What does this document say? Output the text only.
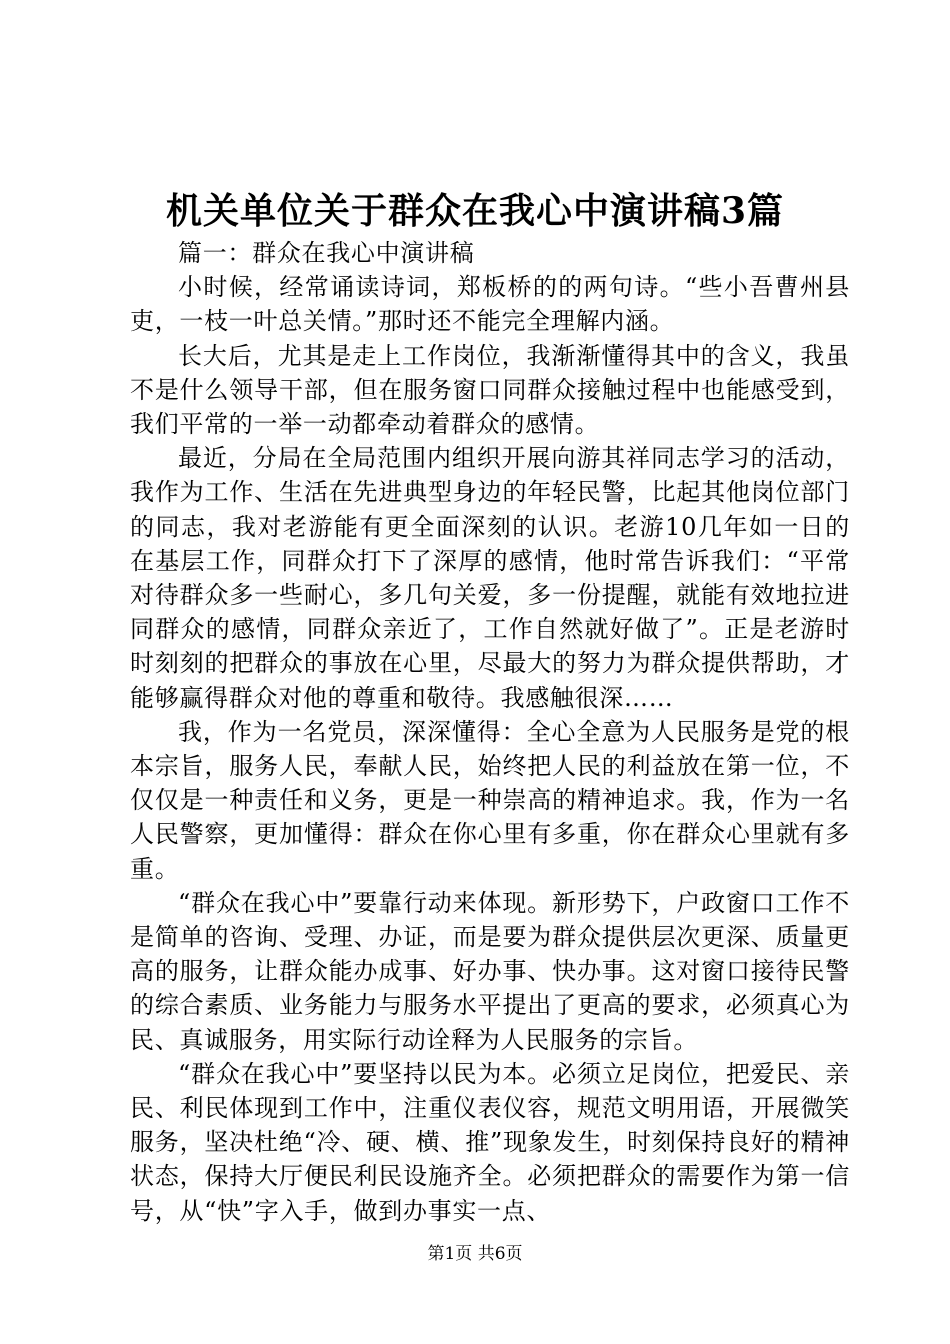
机关单位关于群众在我心中演讲稿3篇

篇一：群众在我心中演讲稿

小时候，经常诵读诗词，郑板桥的的两句诗。“些小吾曹州县吏，一枝一叶总关情。”那时还不能完全理解内涵。

长大后，尤其是走上工作岗位，我渐渐懂得其中的含义，我虽不是什么领导干部，但在服务窗口同群众接触过程中也能感受到，我们平常的一举一动都牵动着群众的感情。

最近，分局在全局范围内组织开展向游其祥同志学习的活动，我作为工作、生活在先进典型身边的年轻民警，比起其他岗位部门的同志，我对老游能有更全面深刻的认识。老游10几年如一日的在基层工作，同群众打下了深厚的感情，他时常告诉我们：“平常对待群众多一些耐心，多几句关爱，多一份提醒，就能有效地拉进同群众的感情，同群众亲近了，工作自然就好做了”。正是老游时时刻刻的把群众的事放在心里，尽最大的努力为群众提供帮助，才能够赢得群众对他的尊重和敬待。我感触很深……

我，作为一名党员，深深懂得：全心全意为人民服务是党的根本宗旨，服务人民，奉献人民，始终把人民的利益放在第一位，不仅仅是一种责任和义务，更是一种崇高的精神追求。我，作为一名人民警察，更加懂得：群众在你心里有多重，你在群众心里就有多重。

“群众在我心中”要靠行动来体现。新形势下，户政窗口工作不是简单的咨询、受理、办证，而是要为群众提供层次更深、质量更高的服务，让群众能办成事、好办事、快办事。这对窗口接待民警的综合素质、业务能力与服务水平提出了更高的要求，必须真心为民、真诚服务，用实际行动诠释为人民服务的宗旨。

“群众在我心中”要坚持以民为本。必须立足岗位，把爱民、亲民、利民体现到工作中，注重仪表仪容，规范文明用语，开展微笑服务，坚决杜绝“冷、硬、横、推”现象发生，时刻保持良好的精神状态，保持大厅便民利民设施齐全。必须把群众的需要作为第一信号，从“快”字入手，做到办事实一点、

第1页 共6页
